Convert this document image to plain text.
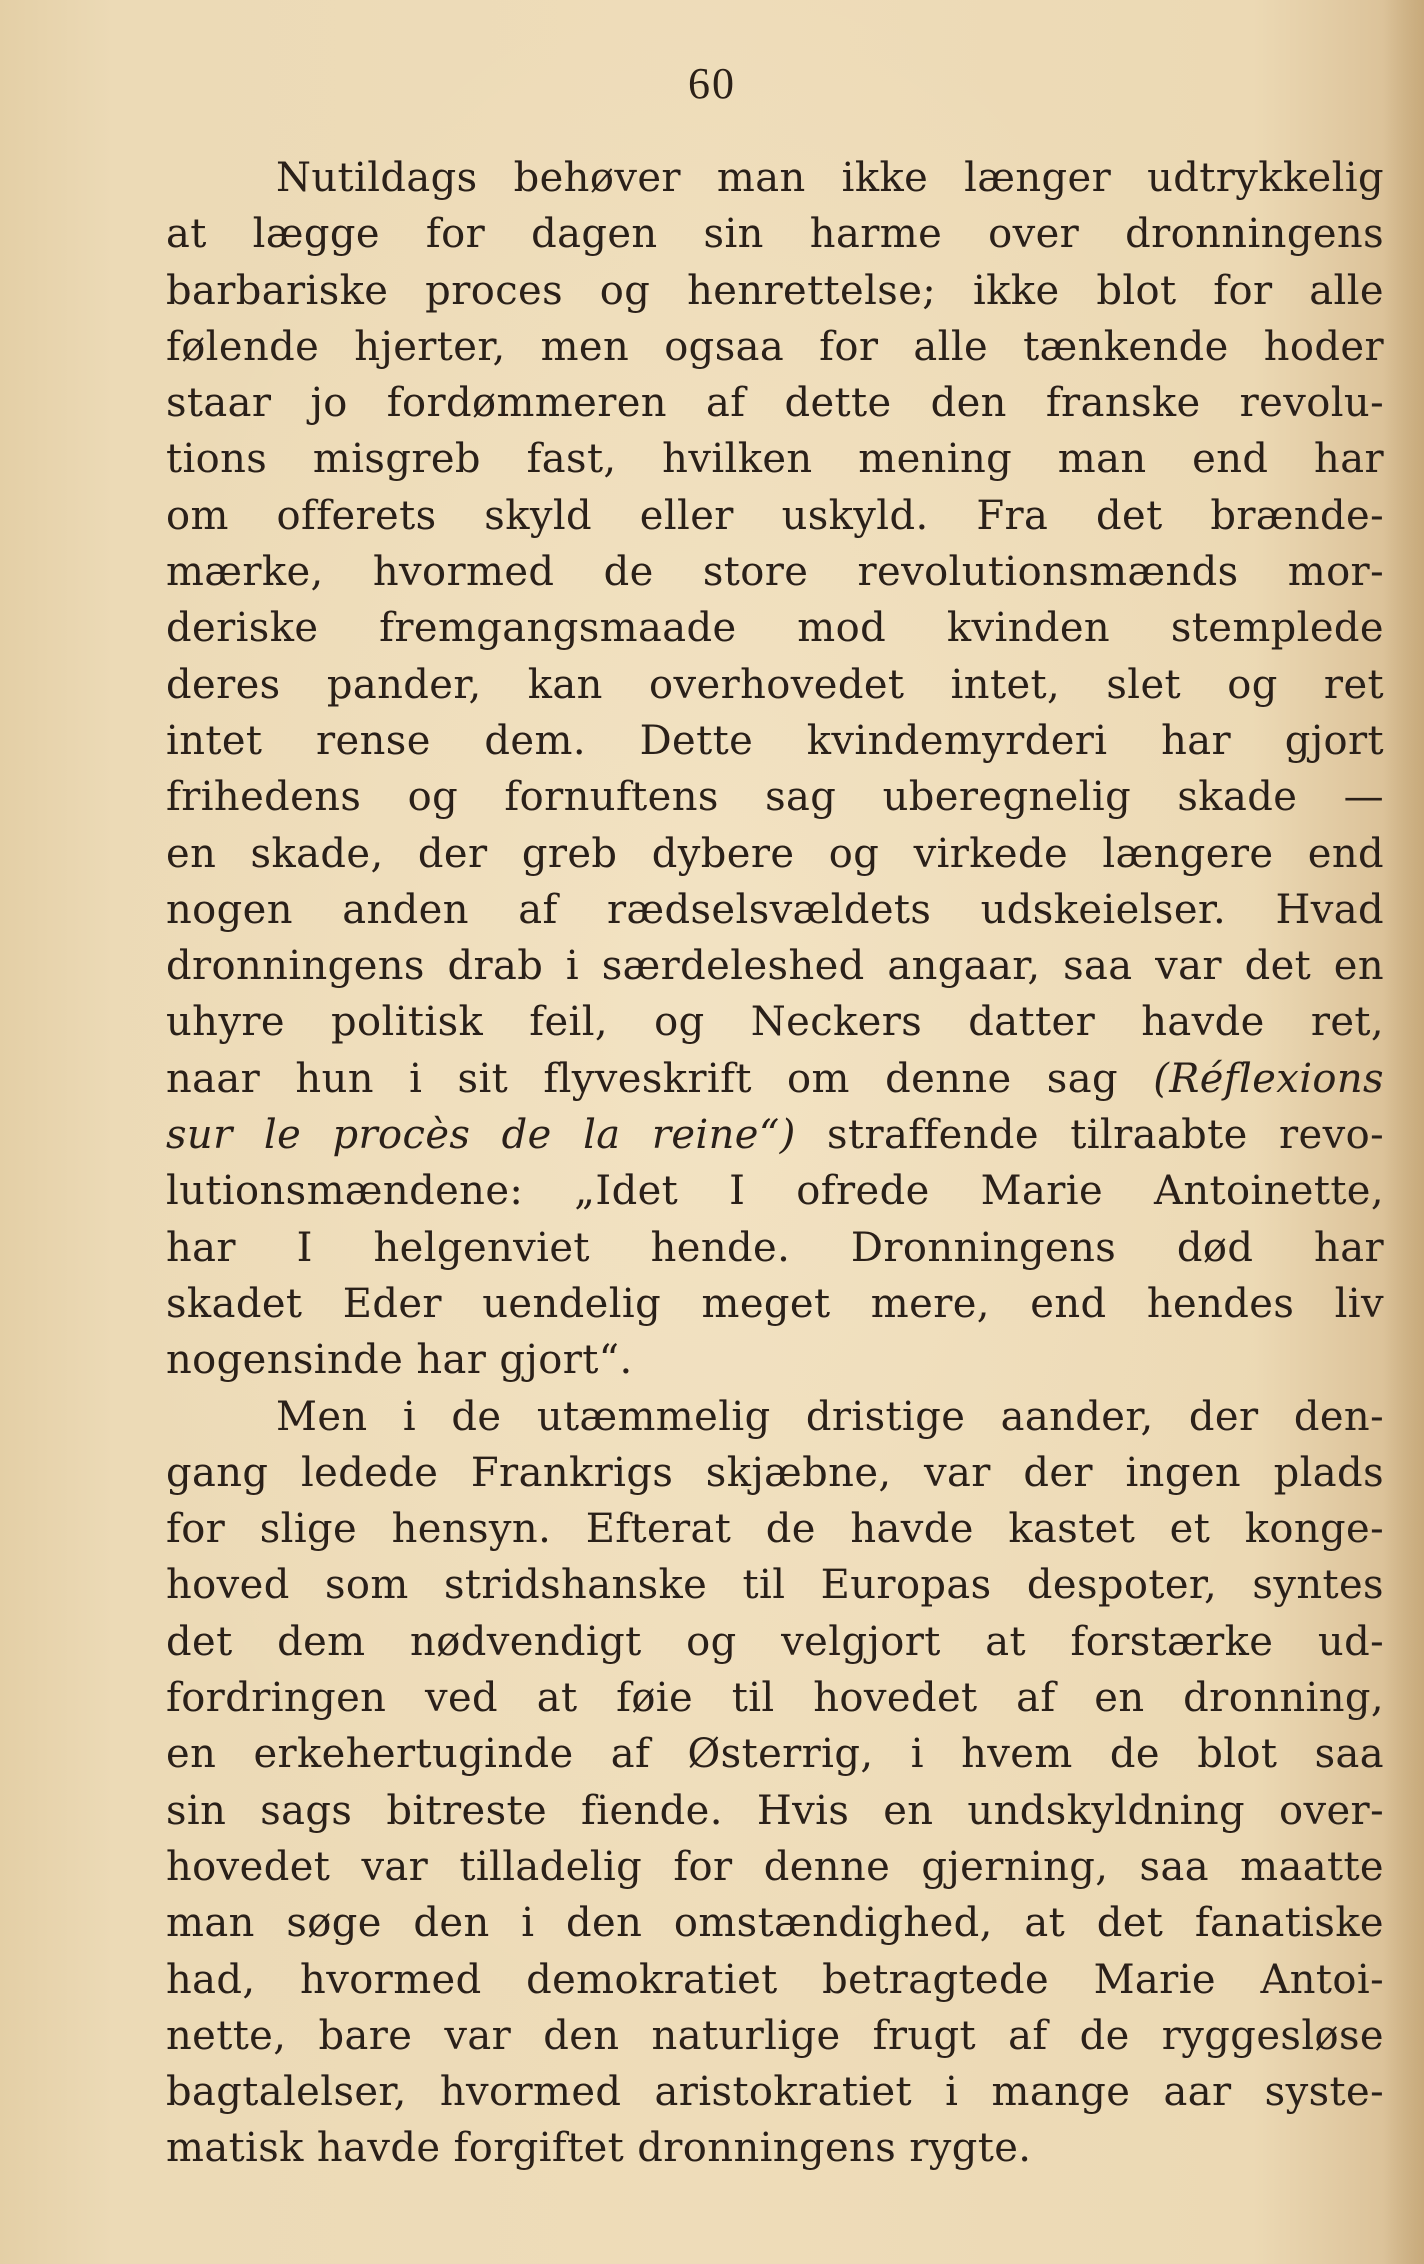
60
Nutildags behøver man ikke længer udtrykkelig
at lægge for dagen sin harme over dronningens
barbariske proces og henrettelse; ikke blot for alle
følende hjerter, men ogsaa for alle tænkende hoder
staar jo fordømmeren af dette den franske revolu-
tions misgreb fast, hvilken mening man end har
om offerets skyld eller uskyld. Fra det brænde-
mærke, hvormed de store revolutionsmænds mor-
deriske fremgangsmaade mod kvinden stemplede
deres pander, kan overhovedet intet, slet og ret
intet rense dem. Dette kvindemyrderi har gjort
frihedens og fornuftens sag uberegnelig skade —
en skade, der greb dybere og virkede længere end
nogen anden af rædselsvældets udskeielser. Hvad
dronningens drab i særdeleshed angaar, saa var det en
uhyre politisk feil, og Neckers datter havde ret,
naar hun i sit flyveskrift om denne sag (Réflexions
sur le procès de la reine“) straffende tilraabte revo-
lutionsmændene: „Idet I ofrede Marie Antoinette,
har I helgenviet hende. Dronningens død har
skadet Eder uendelig meget mere, end hendes liv
nogensinde har gjort“.
Men i de utæmmelig dristige aander, der den-
gang ledede Frankrigs skjæbne, var der ingen plads
for slige hensyn. Efterat de havde kastet et konge-
hoved som stridshanske til Europas despoter, syntes
det dem nødvendigt og velgjort at forstærke ud-
fordringen ved at føie til hovedet af en dronning,
en erkehertuginde af Østerrig, i hvem de blot saa
sin sags bitreste fiende. Hvis en undskyldning over-
hovedet var tilladelig for denne gjerning, saa maatte
man søge den i den omstændighed, at det fanatiske
had, hvormed demokratiet betragtede Marie Antoi-
nette, bare var den naturlige frugt af de ryggesløse
bagtalelser, hvormed aristokratiet i mange aar syste-
matisk havde forgiftet dronningens rygte.
